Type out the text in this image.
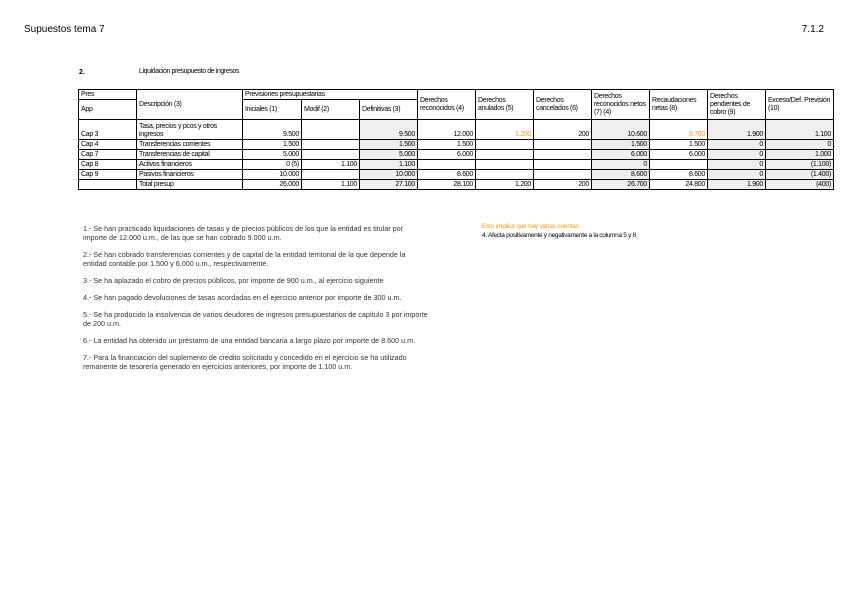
Supuestos tema 7	7.1.2
2.	Liquidación presupuesto de ingresos
Pres	Descripción (3)	Previsiones presupuestarias			Derechos reconocidos (4)	Derechos anulados (5)	Derechos cancelados (6)	Derechos reconocidos netos (7) (4)	Recaudaciones netas (8)	Derechos pendientes de cobro (9)	Exceso/Def. Previsión (10)
App		Iniciales (1)	Modif (2)	Definitivas (3)							
Cap 3	Tasa, precios y pcos y otros ingresos	9.500		9.500	12.000	1.200	200	10.600	8.700	1.900	1.100
Cap 4	Transferencias corrientes	1.500		1.500	1.500			1.500	1.500	0	0
Cap 7	Transferencias de capital	5.000		5.000	6.000			6.000	6.000	0	1.000
Cap 8	Activos financieros	0 (5)	1.100	1.100				0		0	(1.100)
Cap 9	Pasivos financieros	10.000		10.000	8.600			8.600	8.600	0	(1.400)
	Total presup	26.000	1.100	27.100	28.100	1.200	200	26.700	24.800	1.900	(400)

1.- Se han practicado liquidaciones de tasas y de precios públicos de los que la entidad es titular por importe de 12.000 u.m., de las que se han cobrado 9.000 u.m.

2.- Se han cobrado transferencias corrientes y de capital de la entidad territorial de la que depende la entidad contable por 1.500 y 6.000 u.m., respectivamente.

3.- Se ha aplazado el cobro de precios públicos, por importe de 900 u.m., al ejercicio siguiente

4.- Se han pagado devoluciones de tasas acordadas en el ejercicio anterior por importe de 300 u.m.

5.- Se ha producido la insolvencia de varios deudores de ingresos presupuestarios de capítulo 3 por importe de 200 u.m.

6.- La entidad ha obtenido un préstamo de una entidad bancaria a largo plazo por importe de 8.600 u.m.

7.- Para la financiación del suplemento de crédito solicitado y concedido en el ejercicio se ha utilizado remanente de tesorería generado en ejercicios anteriores, por importe de 1.100 u.m.

Esto implica que hay varias cuentas
4. Afecta positivamente y negativamente a la columna 5 y 8
